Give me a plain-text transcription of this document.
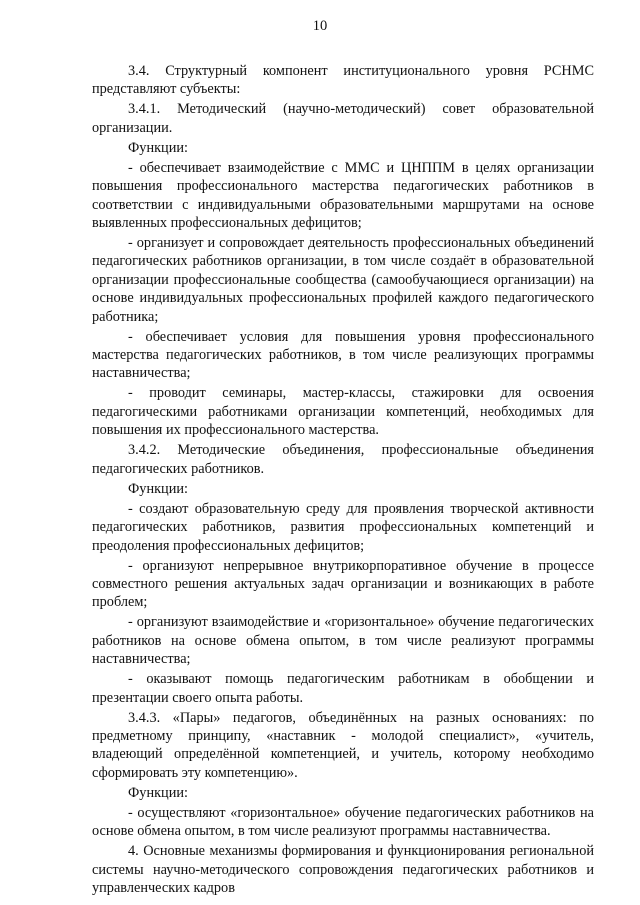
10

3.4. Структурный компонент институционального уровня РСНМС представляют субъекты:

3.4.1. Методический (научно-методический) совет образовательной организации.

Функции:

- обеспечивает взаимодействие с ММС и ЦНППМ в целях организации повышения профессионального мастерства педагогических работников в соответствии с индивидуальными образовательными маршрутами на основе выявленных профессиональных дефицитов;

- организует и сопровождает деятельность профессиональных объединений педагогических работников организации, в том числе создаёт в образовательной организации профессиональные сообщества (самообучающиеся организации) на основе индивидуальных профессиональных профилей каждого педагогического работника;

- обеспечивает условия для повышения уровня профессионального мастерства педагогических работников, в том числе реализующих программы наставничества;

- проводит семинары, мастер-классы, стажировки для освоения педагогическими работниками организации компетенций, необходимых для повышения их профессионального мастерства.

3.4.2. Методические объединения, профессиональные объединения педагогических работников.

Функции:

- создают образовательную среду для проявления творческой активности педагогических работников, развития профессиональных компетенций и преодоления профессиональных дефицитов;

- организуют непрерывное внутрикорпоративное обучение в процессе совместного решения актуальных задач организации и возникающих в работе проблем;

- организуют взаимодействие и «горизонтальное» обучение педагогических работников на основе обмена опытом, в том числе реализуют программы наставничества;

- оказывают помощь педагогическим работникам в обобщении и презентации своего опыта работы.

3.4.3. «Пары» педагогов, объединённых на разных основаниях: по предметному принципу, «наставник - молодой специалист», «учитель, владеющий определённой компетенцией, и учитель, которому необходимо сформировать эту компетенцию».

Функции:

- осуществляют «горизонтальное» обучение педагогических работников на основе обмена опытом, в том числе реализуют программы наставничества.

4. Основные механизмы формирования и функционирования региональной системы научно-методического сопровождения педагогических работников и управленческих кадров
